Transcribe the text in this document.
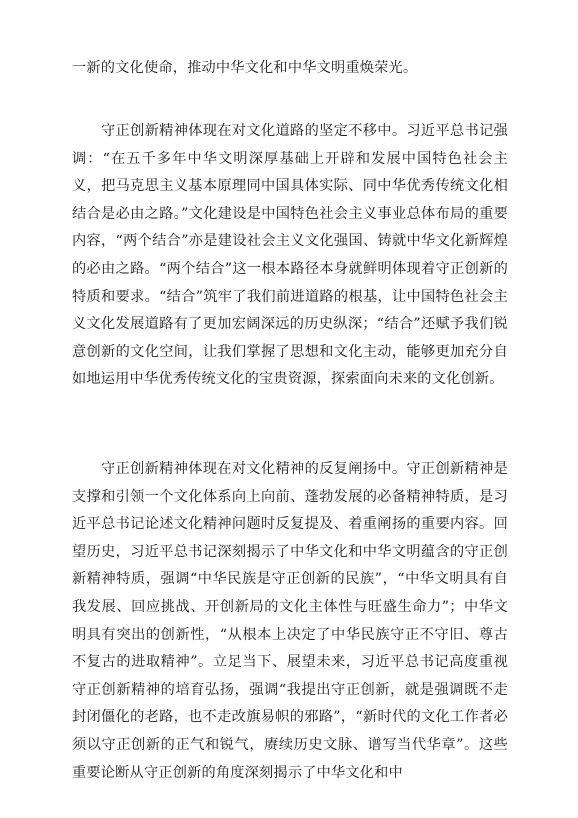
一新的文化使命，推动中华文化和中华文明重焕荣光。

守正创新精神体现在对文化道路的坚定不移中。习近平总书记强调：“在五千多年中华文明深厚基础上开辟和发展中国特色社会主义，把马克思主义基本原理同中国具体实际、同中华优秀传统文化相结合是必由之路。”文化建设是中国特色社会主义事业总体布局的重要内容，“两个结合”亦是建设社会主义文化强国、铸就中华文化新辉煌的必由之路。“两个结合”这一根本路径本身就鲜明体现着守正创新的特质和要求。“结合”筑牢了我们前进道路的根基，让中国特色社会主义文化发展道路有了更加宏阔深远的历史纵深；“结合”还赋予我们锐意创新的文化空间，让我们掌握了思想和文化主动，能够更加充分自如地运用中华优秀传统文化的宝贵资源，探索面向未来的文化创新。

守正创新精神体现在对文化精神的反复阐扬中。守正创新精神是支撑和引领一个文化体系向上向前、蓬勃发展的必备精神特质，是习近平总书记论述文化精神问题时反复提及、着重阐扬的重要内容。回望历史，习近平总书记深刻揭示了中华文化和中华文明蕴含的守正创新精神特质，强调“中华民族是守正创新的民族”，“中华文明具有自我发展、回应挑战、开创新局的文化主体性与旺盛生命力”；中华文明具有突出的创新性，“从根本上决定了中华民族守正不守旧、尊古不复古的进取精神”。立足当下、展望未来，习近平总书记高度重视守正创新精神的培育弘扬，强调“我提出守正创新，就是强调既不走封闭僵化的老路，也不走改旗易帜的邪路”，“新时代的文化工作者必须以守正创新的正气和锐气，赓续历史文脉、谱写当代华章”。这些重要论断从守正创新的角度深刻揭示了中华文化和中
